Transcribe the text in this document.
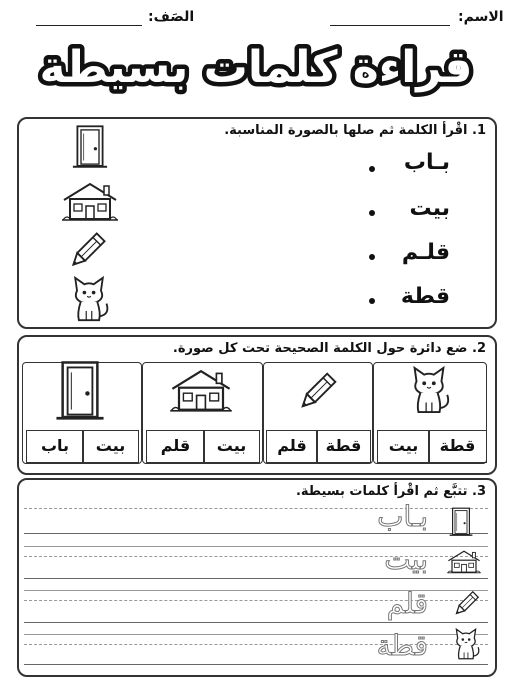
الاسم:
الصَف:
قراءة كلمات بسيطة
1. اقْرأ الكلمة ثم صلها بالصورة المناسبة.
بـاب
بيت
قلـم
قطة
2. ضع دائرة حول الكلمة الصحيحة تحت كل صورة.
قطة
بيت
قطة
قلم
بيت
قلم
بيت
باب
3. تتبَّع ثم اقْرأ كلمات بسيطة.
بـاب
بيت
قلم
قطة
